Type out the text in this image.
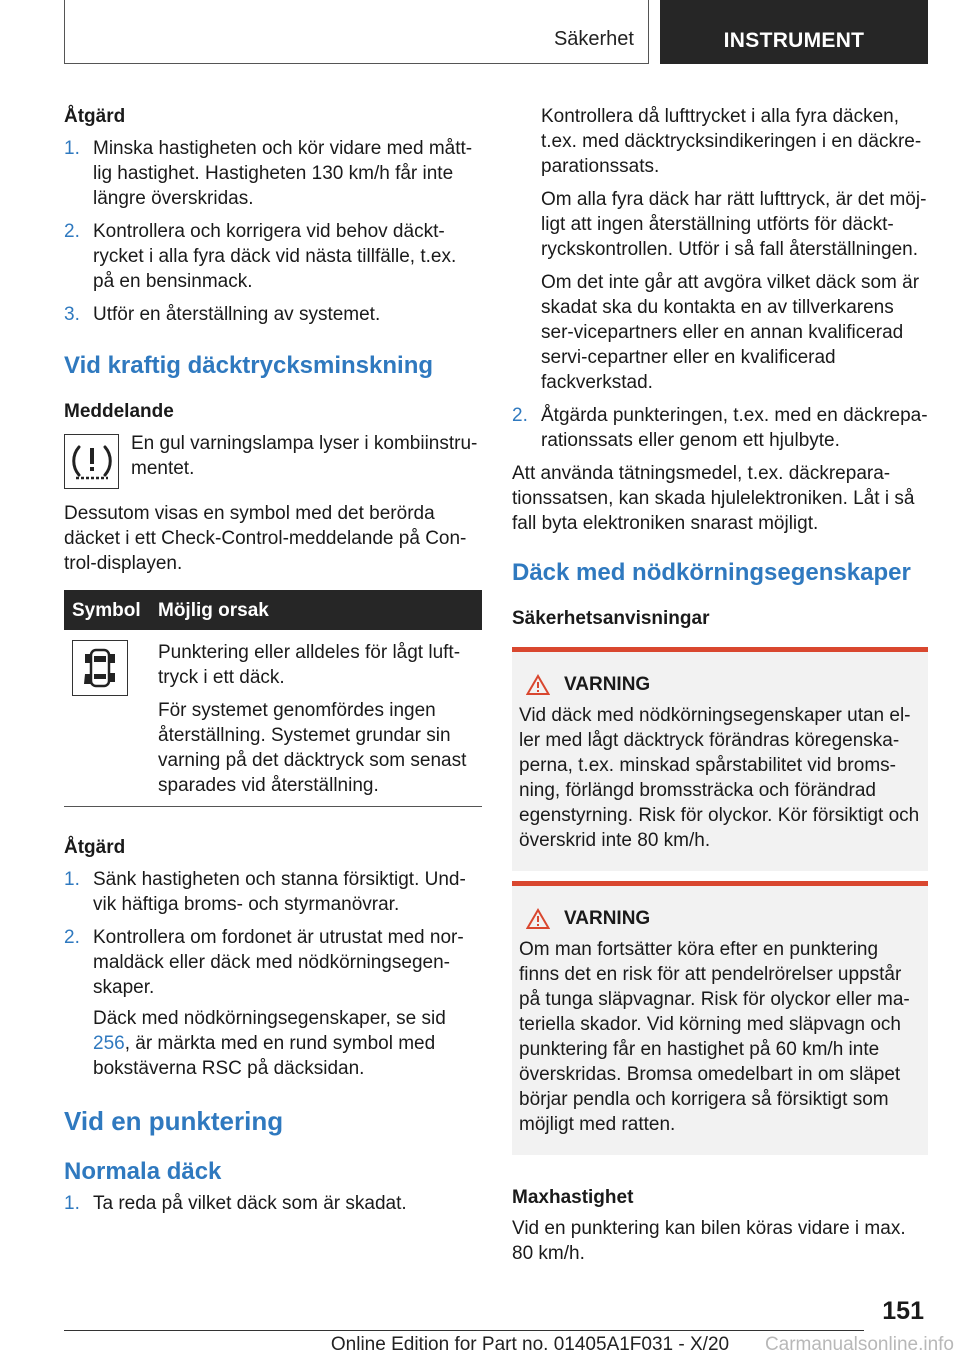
Säkerhet	INSTRUMENT
Åtgärd
1. Minska hastigheten och kör vidare med mått-lig hastighet. Hastigheten 130 km/h får inte längre överskridas.
2. Kontrollera och korrigera vid behov däckt-rycket i alla fyra däck vid nästa tillfälle, t.ex. på en bensinmack.
3. Utför en återställning av systemet.
Vid kraftig däcktrycksminskning
Meddelande
En gul varningslampa lyser i kombiinstru-mentet.
Dessutom visas en symbol med det berörda däcket i ett Check-Control-meddelande på Con-trol-displayen.
Symbol	Möjlig orsak

Punktering eller alldeles för lågt luft-tryck i ett däck.
För systemet genomfördes ingen återställning. Systemet grundar sin varning på det däcktryck som senast sparades vid återställning.
Åtgärd
1. Sänk hastigheten och stanna försiktigt. Und-vik häftiga broms- och styrmanövrar.
2. Kontrollera om fordonet är utrustat med nor-maldäck eller däck med nödkörningsegen-skaper.
Däck med nödkörningsegenskaper, se sid 256, är märkta med en rund symbol med bokstäverna RSC på däcksidan.
Vid en punktering
Normala däck
1. Ta reda på vilket däck som är skadat.
Kontrollera då lufttrycket i alla fyra däcken, t.ex. med däcktrycksindikeringen i en däckre-parationssats.
Om alla fyra däck har rätt lufttryck, är det möj-ligt att ingen återställning utförts för däckt-ryckskontrollen. Utför i så fall återställningen.
Om det inte går att avgöra vilket däck som är skadat ska du kontakta en av tillverkarens ser-vicepartners eller en annan kvalificerad servi-cepartner eller en kvalificerad fackverkstad.
2. Åtgärda punkteringen, t.ex. med en däckrepa-rationssats eller genom ett hjulbyte.
Att använda tätningsmedel, t.ex. däckrepara-tionssatsen, kan skada hjulelektroniken. Låt i så fall byta elektroniken snarast möjligt.
Däck med nödkörningsegenskaper
Säkerhetsanvisningar
VARNING
Vid däck med nödkörningsegenskaper utan el-ler med lågt däcktryck förändras köregenska-perna, t.ex. minskad spårstabilitet vid broms-ning, förlängd bromssträcka och förändrad egenstyrning. Risk för olyckor. Kör försiktigt och överskrid inte 80 km/h.
VARNING
Om man fortsätter köra efter en punktering finns det en risk för att pendelrörelser uppstår på tunga släpvagnar. Risk för olyckor eller ma-teriella skador. Vid körning med släpvagn och punktering får en hastighet på 60 km/h inte överskridas. Bromsa omedelbart in om släpet börjar pendla och korrigera så försiktigt som möjligt med ratten.
Maxhastighet
Vid en punktering kan bilen köras vidare i max. 80 km/h.
151
Online Edition for Part no. 01405A1F031 - X/20	Carmanualsonline.info
